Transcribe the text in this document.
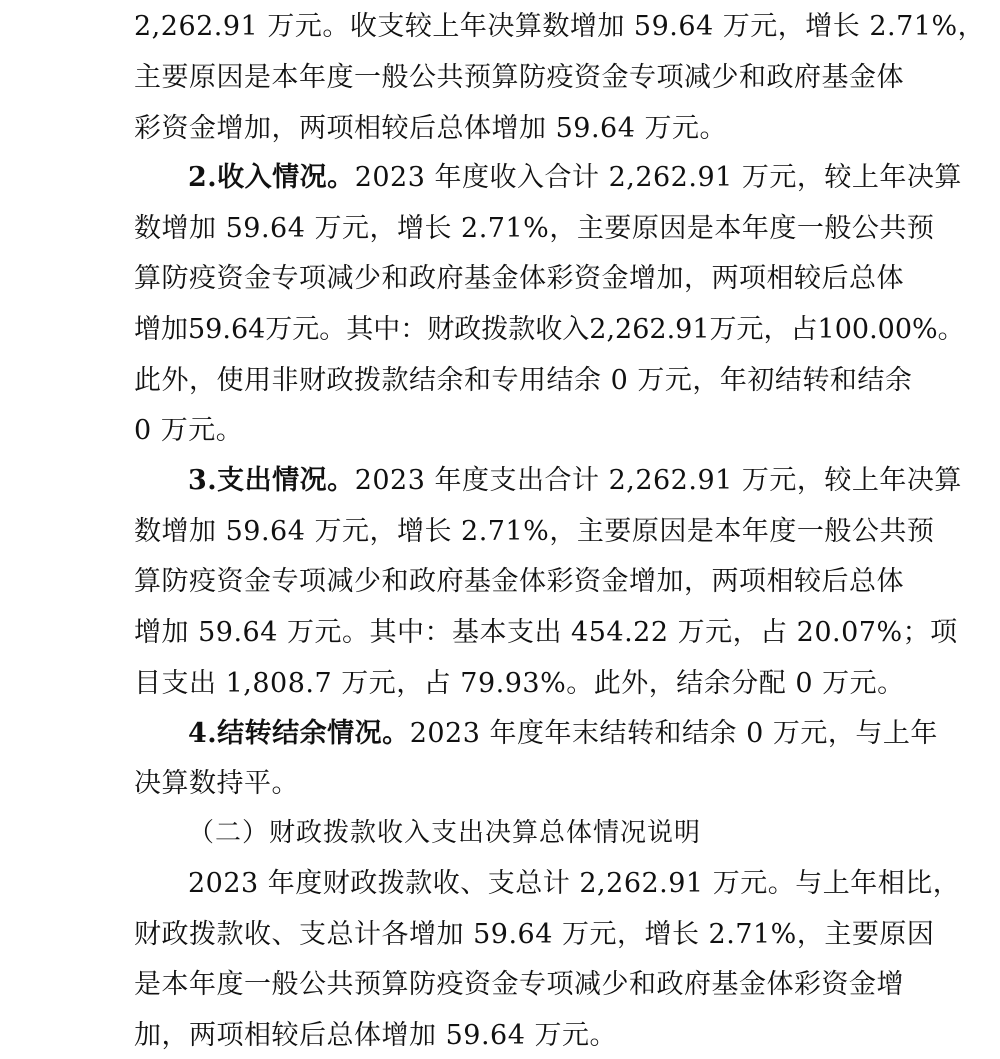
2,262.91 万元。收支较上年决算数增加 59.64 万元，增长 2.71%，
主要原因是本年度一般公共预算防疫资金专项减少和政府基金体
彩资金增加，两项相较后总体增加 59.64 万元。
2.收入情况。2023 年度收入合计 2,262.91 万元，较上年决算
数增加 59.64 万元，增长 2.71%，主要原因是本年度一般公共预
算防疫资金专项减少和政府基金体彩资金增加，两项相较后总体
增加59.64万元。其中：财政拨款收入2,262.91万元，占100.00%。
此外，使用非财政拨款结余和专用结余 0 万元，年初结转和结余
0 万元。
3.支出情况。2023 年度支出合计 2,262.91 万元，较上年决算
数增加 59.64 万元，增长 2.71%，主要原因是本年度一般公共预
算防疫资金专项减少和政府基金体彩资金增加，两项相较后总体
增加 59.64 万元。其中：基本支出 454.22 万元，占 20.07%；项
目支出 1,808.7 万元，占 79.93%。此外，结余分配 0 万元。
4.结转结余情况。2023 年度年末结转和结余 0 万元，与上年
决算数持平。
（二）财政拨款收入支出决算总体情况说明
2023 年度财政拨款收、支总计 2,262.91 万元。与上年相比，
财政拨款收、支总计各增加 59.64 万元，增长 2.71%，主要原因
是本年度一般公共预算防疫资金专项减少和政府基金体彩资金增
加，两项相较后总体增加 59.64 万元。
